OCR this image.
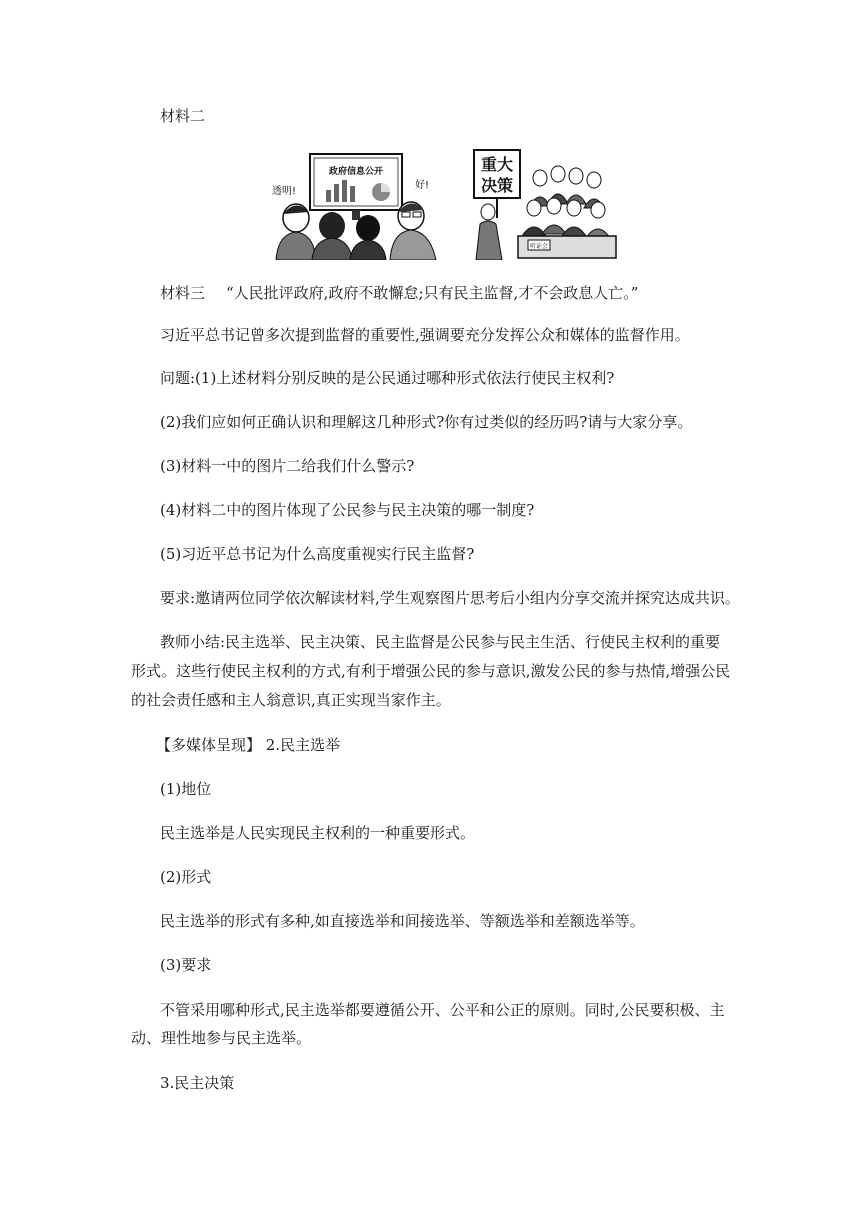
材料二
政府信息公开
透明!
好!
重大
决策
听证会
材料三 “人民批评政府,政府不敢懈怠;只有民主监督,才不会政息人亡。”
习近平总书记曾多次提到监督的重要性,强调要充分发挥公众和媒体的监督作用。
问题:(1)上述材料分别反映的是公民通过哪种形式依法行使民主权利?
(2)我们应如何正确认识和理解这几种形式?你有过类似的经历吗?请与大家分享。
(3)材料一中的图片二给我们什么警示?
(4)材料二中的图片体现了公民参与民主决策的哪一制度?
(5)习近平总书记为什么高度重视实行民主监督?
要求:邀请两位同学依次解读材料,学生观察图片思考后小组内分享交流并探究达成共识。
教师小结:民主选举、民主决策、民主监督是公民参与民主生活、行使民主权利的重要
形式。这些行使民主权利的方式,有利于增强公民的参与意识,激发公民的参与热情,增强公民
的社会责任感和主人翁意识,真正实现当家作主。
【多媒体呈现】 2.民主选举
(1)地位
民主选举是人民实现民主权利的一种重要形式。
(2)形式
民主选举的形式有多种,如直接选举和间接选举、等额选举和差额选举等。
(3)要求
不管采用哪种形式,民主选举都要遵循公开、公平和公正的原则。同时,公民要积极、主
动、理性地参与民主选举。
3.民主决策
